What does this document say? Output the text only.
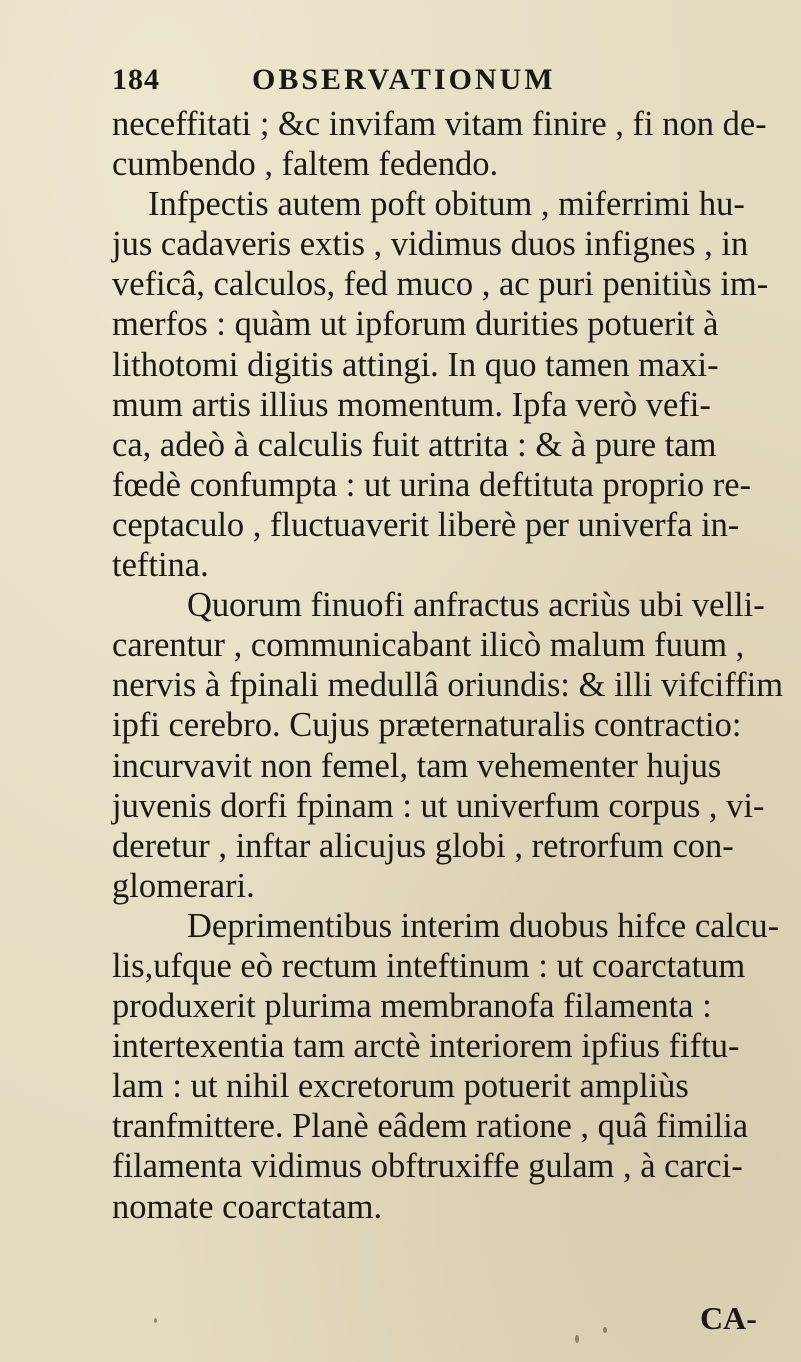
184	OBSERVATIONUM
neceffitati ; &c invifam vitam finire , fi non de-
cumbendo , faltem fedendo.
Infpectis autem poft obitum , miferrimi hu-
jus cadaveris extis , vidimus duos infignes , in
veficâ, calculos, fed muco , ac puri penitiùs im-
merfos : quàm ut ipforum durities potuerit à
lithotomi digitis attingi. In quo tamen maxi-
mum artis illius momentum. Ipfa verò vefi-
ca, adeò à calculis fuit attrita : & à pure tam
fœdè confumpta : ut urina deftituta proprio re-
ceptaculo , fluctuaverit liberè per univerfa in-
teftina.
Quorum finuofi anfractus acriùs ubi velli-
carentur , communicabant ilicò malum fuum ,
nervis à fpinali medullâ oriundis: & illi vifciffim
ipfi cerebro. Cujus præternaturalis contractio:
incurvavit non femel, tam vehementer hujus
juvenis dorfi fpinam : ut univerfum corpus , vi-
deretur , inftar alicujus globi , retrorfum con-
glomerari.
Deprimentibus interim duobus hifce calcu-
lis,ufque eò rectum inteftinum : ut coarctatum
produxerit plurima membranofa filamenta :
intertexentia tam arctè interiorem ipfius fiftu-
lam : ut nihil excretorum potuerit ampliùs
tranfmittere. Planè eâdem ratione , quâ fimilia
filamenta vidimus obftruxiffe gulam , à carci-
nomate coarctatam.
CA-
